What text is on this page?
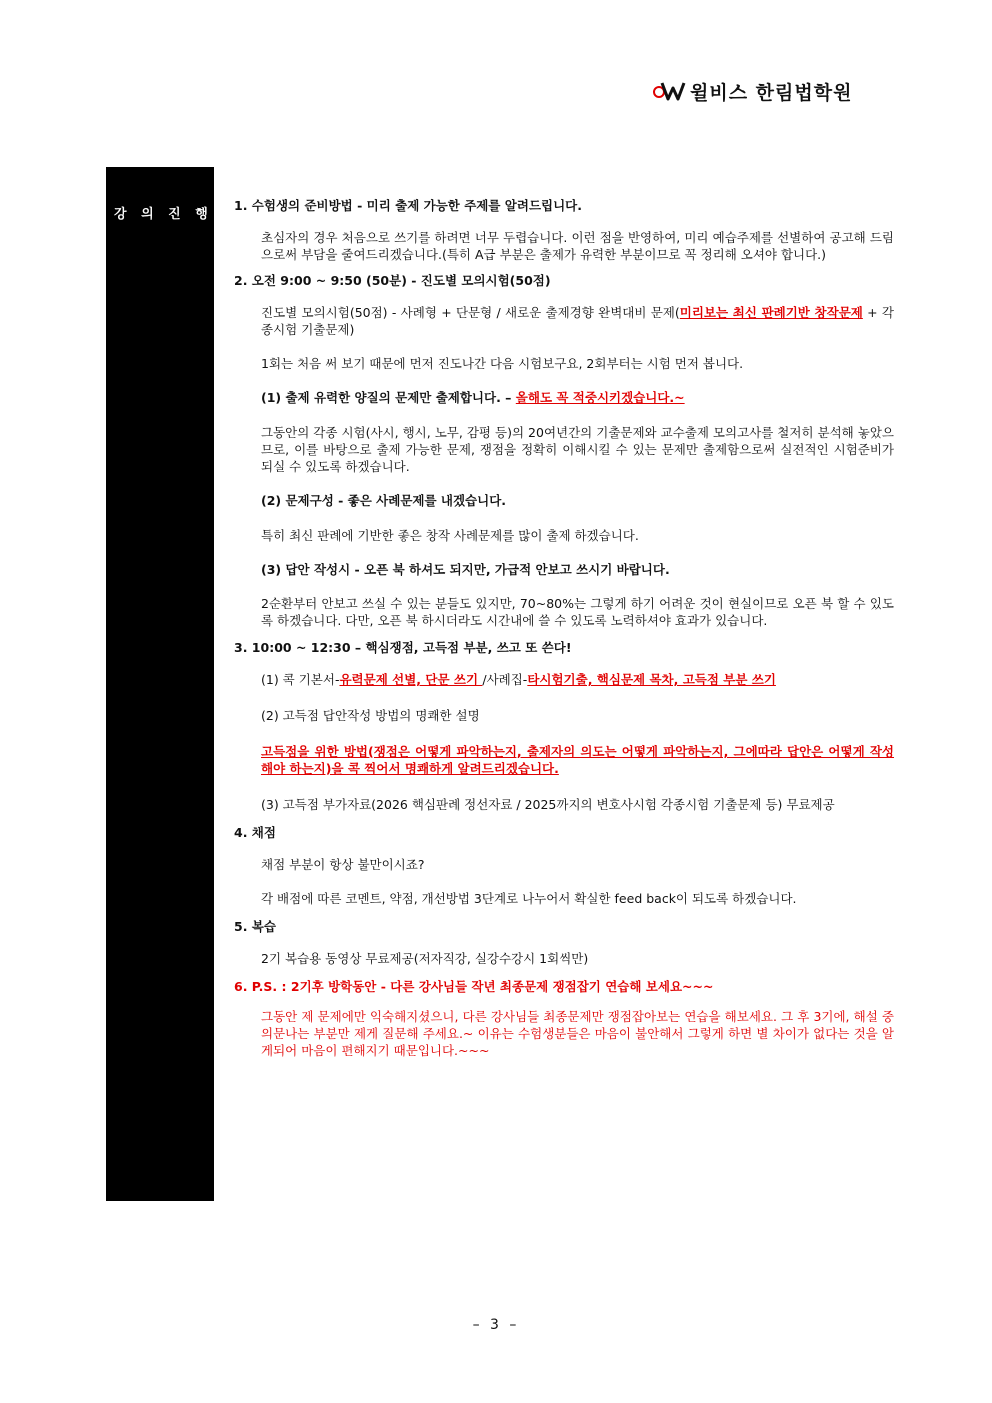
윌비스 한림법학원
강 의 진 행

1. 수험생의 준비방법 - 미리 출제 가능한 주제를 알려드립니다.

초심자의 경우 처음으로 쓰기를 하려면 너무 두렵습니다. 이런 점을 반영하여, 미리 예습주제를 선별하여 공고해 드림으로써 부담을 줄여드리겠습니다.(특히 A급 부분은 출제가 유력한 부분이므로 꼭 정리해 오셔야 합니다.)

2. 오전 9:00 ~ 9:50 (50분) - 진도별 모의시험(50점)

진도별 모의시험(50점) - 사례형 + 단문형 / 새로운 출제경향 완벽대비 문제(미리보는 최신 판례기반 창작문제 + 각종시험 기출문제)

1회는 처음 써 보기 때문에 먼저 진도나간 다음 시험보구요, 2회부터는 시험 먼저 봅니다.

(1) 출제 유력한 양질의 문제만 출제합니다. – 올해도 꼭 적중시키겠습니다.~

그동안의 각종 시험(사시, 행시, 노무, 감평 등)의 20여년간의 기출문제와 교수출제 모의고사를 철저히 분석해 놓았으므로, 이를 바탕으로 출제 가능한 문제, 쟁점을 정확히 이해시킬 수 있는 문제만 출제함으로써 실전적인 시험준비가 되실 수 있도록 하겠습니다.

(2) 문제구성 - 좋은 사례문제를 내겠습니다.

특히 최신 판례에 기반한 좋은 창작 사례문제를 많이 출제 하겠습니다.

(3) 답안 작성시 - 오픈 북 하셔도 되지만, 가급적 안보고 쓰시기 바랍니다.

2순환부터 안보고 쓰실 수 있는 분들도 있지만, 70~80%는 그렇게 하기 어려운 것이 현실이므로 오픈 북 할 수 있도록 하겠습니다. 다만, 오픈 북 하시더라도 시간내에 쓸 수 있도록 노력하셔야 효과가 있습니다.

3. 10:00 ~ 12:30 – 핵심쟁점, 고득점 부분, 쓰고 또 쓴다!

(1) 콕 기본서-유력문제 선별, 단문 쓰기 /사례집-타시험기출, 핵심문제 목차, 고득점 부분 쓰기

(2) 고득점 답안작성 방법의 명쾌한 설명

고득점을 위한 방법(쟁점은 어떻게 파악하는지, 출제자의 의도는 어떻게 파악하는지, 그에따라 답안은 어떻게 작성해야 하는지)을 콕 찍어서 명쾌하게 알려드리겠습니다.

(3) 고득점 부가자료(2026 핵심판례 정선자료 / 2025까지의 변호사시험 각종시험 기출문제 등) 무료제공

4. 채점

채점 부분이 항상 불만이시죠?

각 배점에 따른 코멘트, 약점, 개선방법 3단계로 나누어서 확실한 feed back이 되도록 하겠습니다.

5. 복습

2기 복습용 동영상 무료제공(저자직강, 실강수강시 1회씩만)

6. P.S. : 2기후 방학동안 - 다른 강사님들 작년 최종문제 쟁점잡기 연습해 보세요~~~

그동안 제 문제에만 익숙해지셨으니, 다른 강사님들 최종문제만 쟁점잡아보는 연습을 해보세요. 그 후 3기에, 해설 중 의문나는 부분만 제게 질문해 주세요.~ 이유는 수험생분들은 마음이 불안해서 그렇게 하면 별 차이가 없다는 것을 알게되어 마음이 편해지기 때문입니다.~~~

– 3 –
